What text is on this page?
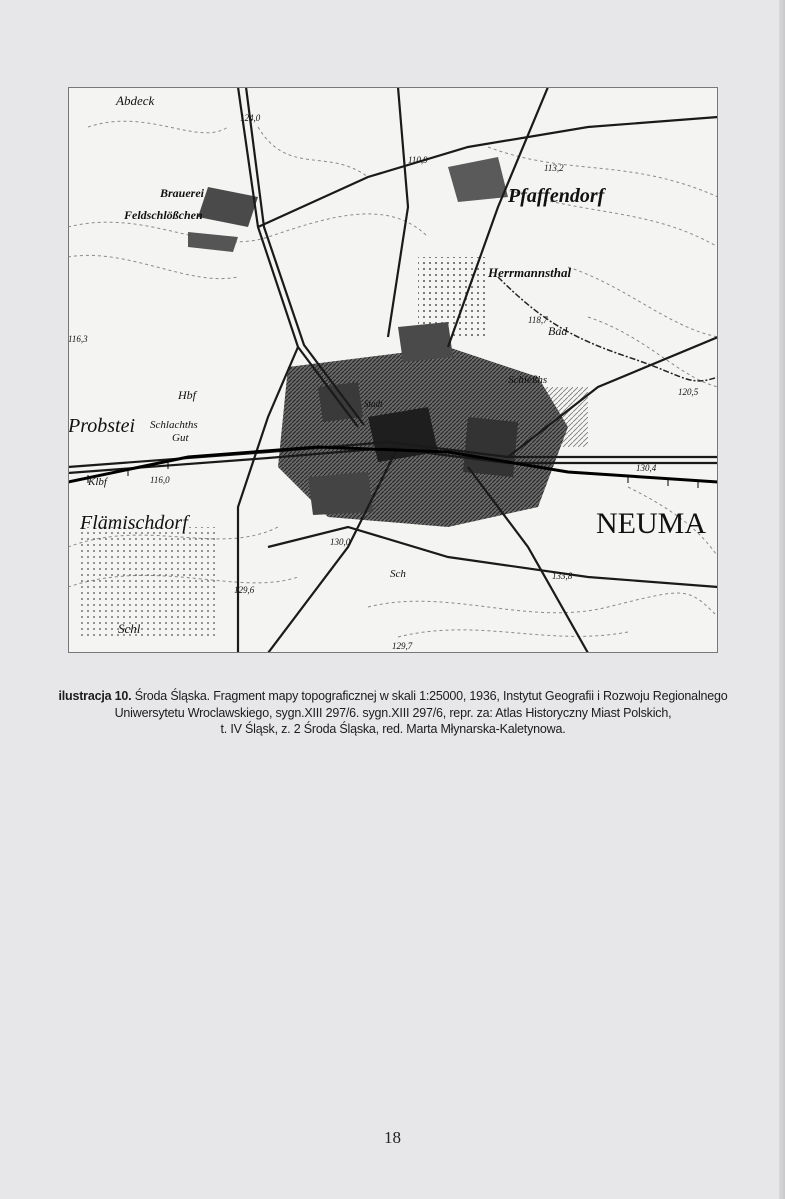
Abdeck
Brauerei
Feldschlößchen
Pfaffendorf
Herrmannsthal
Bad
Schießhs
Hbf
Probstei Schlachths
Gut
Klbf
Flämischdorf	NEUMA
Sch
Schl
Stadt
124,0
110,9
113,2
116,3
118,7
120,5
116,0
130,4
130,0
133,8
129,6
129,7
ilustracja 10. Środa Śląska. Fragment mapy topograficznej w skali 1:25000, 1936, Instytut Geografii i Rozwoju Regionalnego
Uniwersytetu Wroclawskiego, sygn.XIII 297/6. sygn.XIII 297/6, repr. za: Atlas Historyczny Miast Polskich,
t. IV Śląsk, z. 2 Środa Śląska, red. Marta Młynarska-Kaletynowa.
18
